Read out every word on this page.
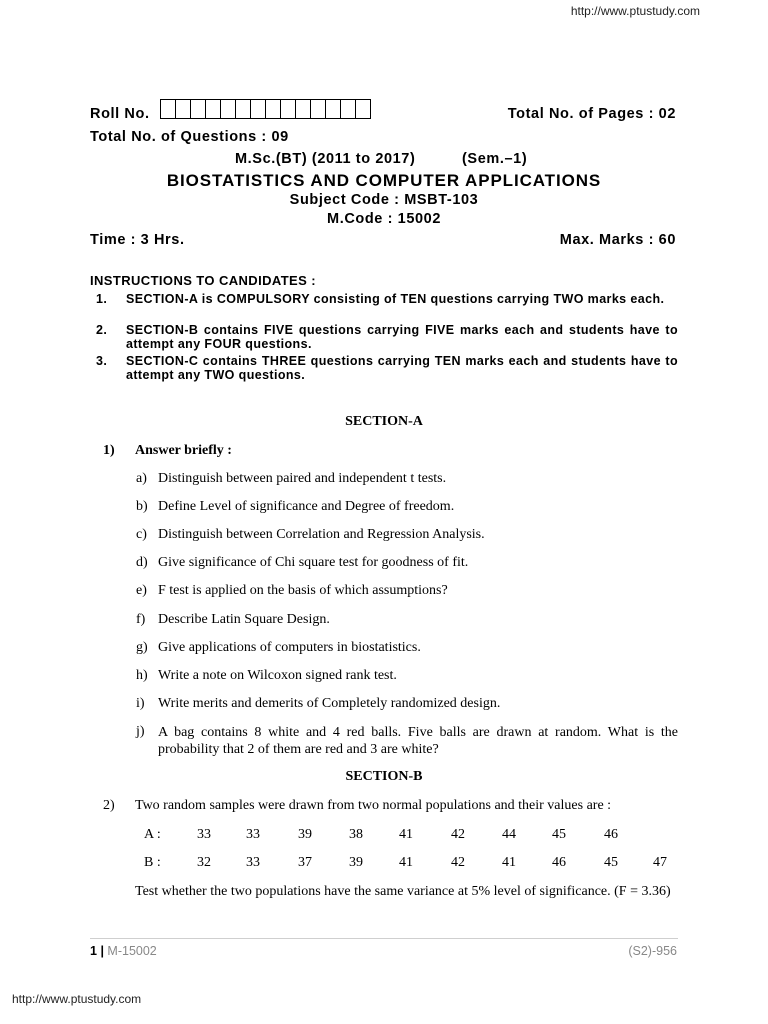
http://www.ptustudy.com
Roll No.	Total No. of Pages : 02
Total No. of Questions : 09
M.Sc.(BT) (2011 to 2017)	(Sem.–1)
BIOSTATISTICS AND COMPUTER APPLICATIONS
Subject Code : MSBT-103
M.Code : 15002
Time : 3 Hrs.	Max. Marks : 60
INSTRUCTIONS TO CANDIDATES :
1. SECTION-A is COMPULSORY consisting of TEN questions carrying TWO marks each.
2. SECTION-B contains FIVE questions carrying FIVE marks each and students have to attempt any FOUR questions.
3. SECTION-C contains THREE questions carrying TEN marks each and students have to attempt any TWO questions.
SECTION-A
1) Answer briefly :
a) Distinguish between paired and independent t tests.
b) Define Level of significance and Degree of freedom.
c) Distinguish between Correlation and Regression Analysis.
d) Give significance of Chi square test for goodness of fit.
e) F test is applied on the basis of which assumptions?
f) Describe Latin Square Design.
g) Give applications of computers in biostatistics.
h) Write a note on Wilcoxon signed rank test.
i) Write merits and demerits of Completely randomized design.
j) A bag contains 8 white and 4 red balls. Five balls are drawn at random. What is the probability that 2 of them are red and 3 are white?
SECTION-B
2) Two random samples were drawn from two normal populations and their values are :
A :	33	33	39	38	41	42	44	45	46
B :	32	33	37	39	41	42	41	46	45	47
Test whether the two populations have the same variance at 5% level of significance. (F = 3.36)
1 | M-15002	(S2)-956
http://www.ptustudy.com
